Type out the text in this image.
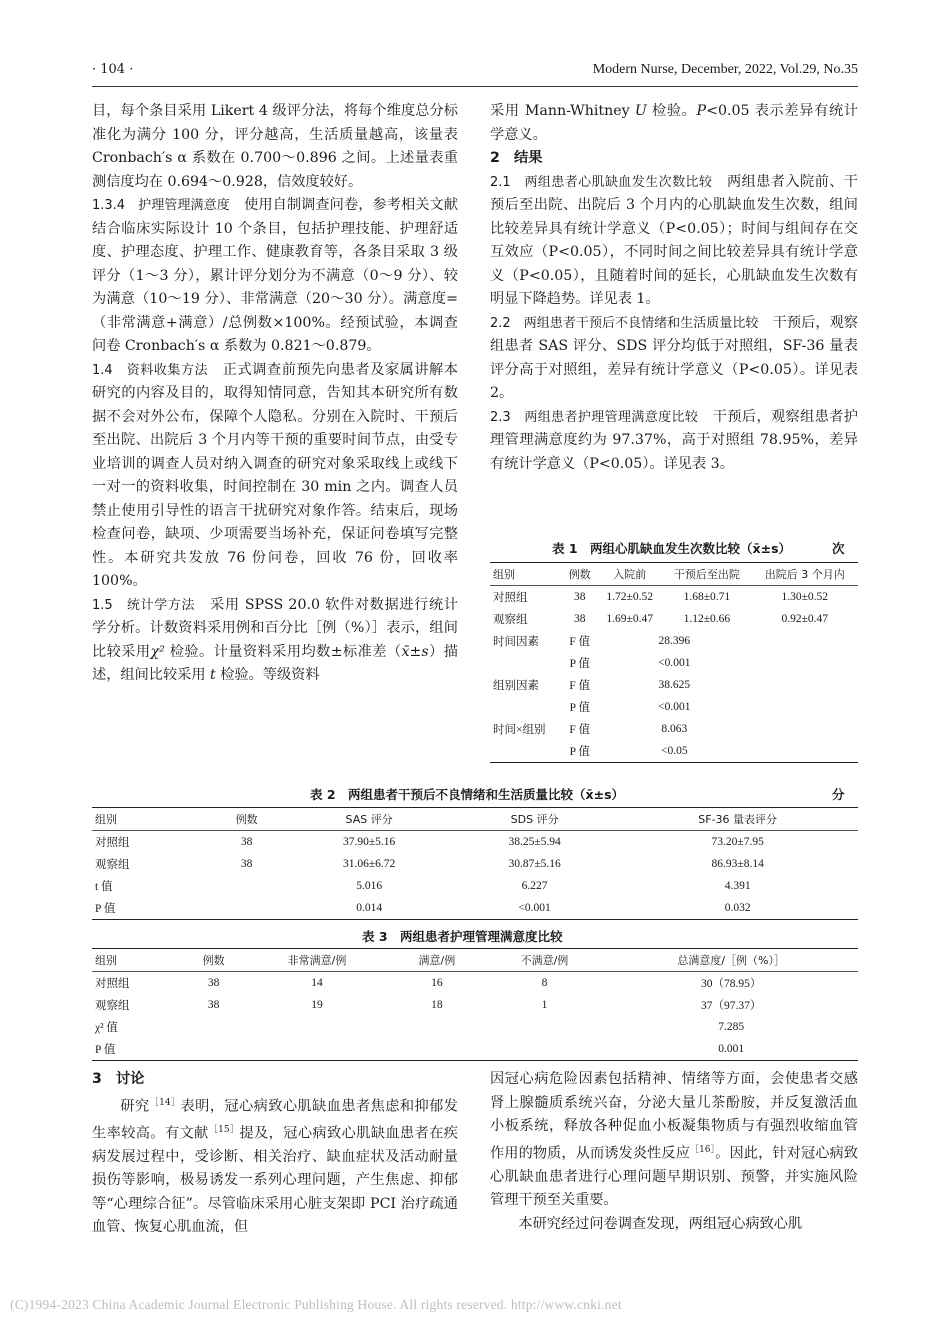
· 104 ·	Modern Nurse, December, 2022, Vol.29, No.35

目，每个条目采用 Likert 4 级评分法，将每个维度总分标准化为满分 100 分，评分越高，生活质量越高，该量表 Cronbach′s α 系数在 0.700～0.896 之间。上述量表重测信度均在 0.694～0.928，信效度较好。

1.3.4　护理管理满意度　使用自制调查问卷，参考相关文献结合临床实际设计 10 个条目，包括护理技能、护理舒适度、护理态度、护理工作、健康教育等，各条目采取 3 级评分（1～3 分），累计评分划分为不满意（0～9 分）、较为满意（10～19 分）、非常满意（20～30 分）。满意度=（非常满意+满意）/总例数×100%。经预试验，本调查问卷 Cronbach′s α 系数为 0.821～0.879。

1.4　资料收集方法　正式调查前预先向患者及家属讲解本研究的内容及目的，取得知情同意，告知其本研究所有数据不会对外公布，保障个人隐私。分别在入院时、干预后至出院、出院后 3 个月内等干预的重要时间节点，由受专业培训的调查人员对纳入调查的研究对象采取线上或线下一对一的资料收集，时间控制在 30 min 之内。调查人员禁止使用引导性的语言干扰研究对象作答。结束后，现场检查问卷，缺项、少项需要当场补充，保证问卷填写完整性。本研究共发放 76 份问卷，回收 76 份，回收率 100%。

1.5　统计学方法　采用 SPSS 20.0 软件对数据进行统计学分析。计数资料采用例和百分比［例（%）］表示，组间比较采用χ² 检验。计量资料采用均数±标准差（x̄±s）描述，组间比较采用 t 检验。等级资料

采用 Mann-Whitney U 检验。P<0.05 表示差异有统计学意义。

2　结果

2.1　两组患者心肌缺血发生次数比较　两组患者入院前、干预后至出院、出院后 3 个月内的心肌缺血发生次数，组间比较差异具有统计学意义（P<0.05）；时间与组间存在交互效应（P<0.05），不同时间之间比较差异具有统计学意义（P<0.05），且随着时间的延长，心肌缺血发生次数有明显下降趋势。详见表 1。

2.2　两组患者干预后不良情绪和生活质量比较　干预后，观察组患者 SAS 评分、SDS 评分均低于对照组，SF-36 量表评分高于对照组，差异有统计学意义（P<0.05）。详见表 2。

2.3　两组患者护理管理满意度比较　干预后，观察组患者护理管理满意度约为 97.37%，高于对照组 78.95%，差异有统计学意义（P<0.05）。详见表 3。

表 1　两组心肌缺血发生次数比较（x̄±s）	次
组别	例数	入院前	干预后至出院	出院后 3 个月内
对照组	38	1.72±0.52	1.68±0.71	1.30±0.52
观察组	38	1.69±0.47	1.12±0.66	0.92±0.47
时间因素	F 值	28.396		
	P 值	<0.001		
组别因素	F 值	38.625		
	P 值	<0.001		
时间×组别	F 值	8.063		
	P 值	<0.05		
表 2　两组患者干预后不良情绪和生活质量比较（x̄±s）	分
组别	例数	SAS 评分	SDS 评分	SF-36 量表评分
对照组	38	37.90±5.16	38.25±5.94	73.20±7.95
观察组	38	31.06±6.72	30.87±5.16	86.93±8.14
t 值		5.016	6.227	4.391
P 值		0.014	<0.001	0.032
表 3　两组患者护理管理满意度比较
组别	例数	非常满意/例	满意/例	不满意/例	总满意度/［例（%）］
对照组	38	14	16	8	30（78.95）
观察组	38	19	18	1	37（97.37）
χ² 值					7.285
P 值					0.001

3　讨论

研究$^{[14]}$表明，冠心病致心肌缺血患者焦虑和抑郁发生率较高。有文献$^{[15]}$提及，冠心病致心肌缺血患者在疾病发展过程中，受诊断、相关治疗、缺血症状及活动耐量损伤等影响，极易诱发一系列心理问题，产生焦虑、抑郁等“心理综合征”。尽管临床采用心脏支架即 PCI 治疗疏通血管、恢复心肌血流，但

因冠心病危险因素包括精神、情绪等方面，会使患者交感肾上腺髓质系统兴奋，分泌大量儿茶酚胺，并反复激活血小板系统，释放各种促血小板凝集物质与有强烈收缩血管作用的物质，从而诱发炎性反应$^{[16]}$。因此，针对冠心病致心肌缺血患者进行心理问题早期识别、预警，并实施风险管理干预至关重要。

本研究经过问卷调查发现，两组冠心病致心肌

(C)1994-2023 China Academic Journal Electronic Publishing House. All rights reserved. http://www.cnki.net
